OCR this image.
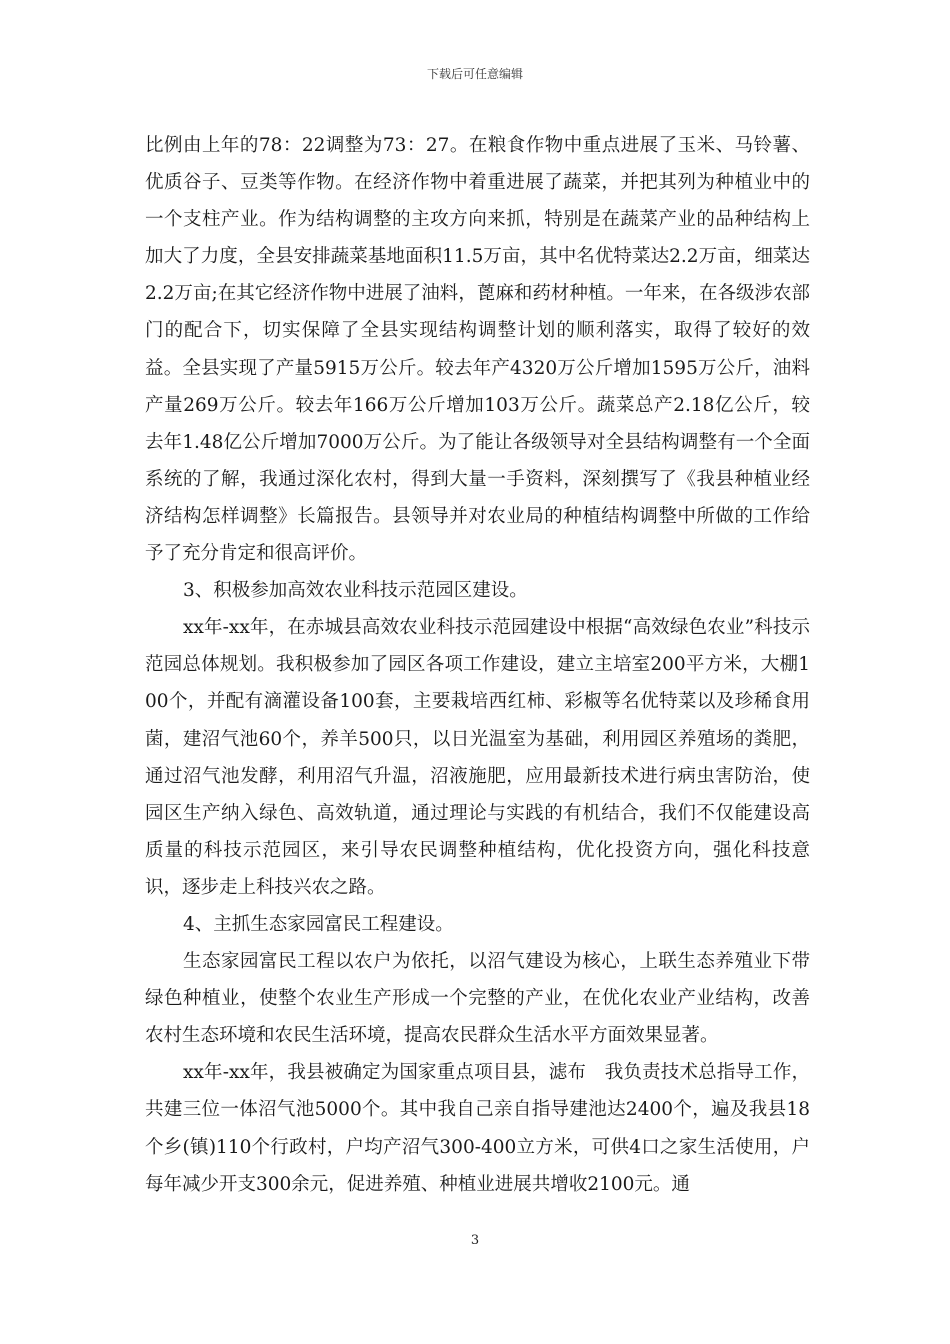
下载后可任意编辑

比例由上年的78：22调整为73：27。在粮食作物中重点进展了玉米、马铃薯、优质谷子、豆类等作物。在经济作物中着重进展了蔬菜，并把其列为种植业中的一个支柱产业。作为结构调整的主攻方向来抓，特别是在蔬菜产业的品种结构上加大了力度，全县安排蔬菜基地面积11.5万亩，其中名优特菜达2.2万亩，细菜达2.2万亩;在其它经济作物中进展了油料，蓖麻和药材种植。一年来，在各级涉农部门的配合下，切实保障了全县实现结构调整计划的顺利落实，取得了较好的效益。全县实现了产量5915万公斤。较去年产4320万公斤增加1595万公斤，油料产量269万公斤。较去年166万公斤增加103万公斤。蔬菜总产2.18亿公斤，较去年1.48亿公斤增加7000万公斤。为了能让各级领导对全县结构调整有一个全面系统的了解，我通过深化农村，得到大量一手资料，深刻撰写了《我县种植业经济结构怎样调整》长篇报告。县领导并对农业局的种植结构调整中所做的工作给予了充分肯定和很高评价。

3、积极参加高效农业科技示范园区建设。

xx年-xx年，在赤城县高效农业科技示范园建设中根据“高效绿色农业”科技示范园总体规划。我积极参加了园区各项工作建设，建立主培室200平方米，大棚100个，并配有滴灌设备100套，主要栽培西红柿、彩椒等名优特菜以及珍稀食用菌，建沼气池60个，养羊500只，以日光温室为基础，利用园区养殖场的粪肥，通过沼气池发酵，利用沼气升温，沼液施肥，应用最新技术进行病虫害防治，使园区生产纳入绿色、高效轨道，通过理论与实践的有机结合，我们不仅能建设高质量的科技示范园区，来引导农民调整种植结构，优化投资方向，强化科技意识，逐步走上科技兴农之路。

4、主抓生态家园富民工程建设。

生态家园富民工程以农户为依托，以沼气建设为核心，上联生态养殖业下带绿色种植业，使整个农业生产形成一个完整的产业，在优化农业产业结构，改善农村生态环境和农民生活环境，提高农民群众生活水平方面效果显著。

xx年-xx年，我县被确定为国家重点项目县，滤布　我负责技术总指导工作，共建三位一体沼气池5000个。其中我自己亲自指导建池达2400个，遍及我县18个乡(镇)110个行政村，户均产沼气300-400立方米，可供4口之家生活使用，户每年减少开支300余元，促进养殖、种植业进展共增收2100元。通

3
